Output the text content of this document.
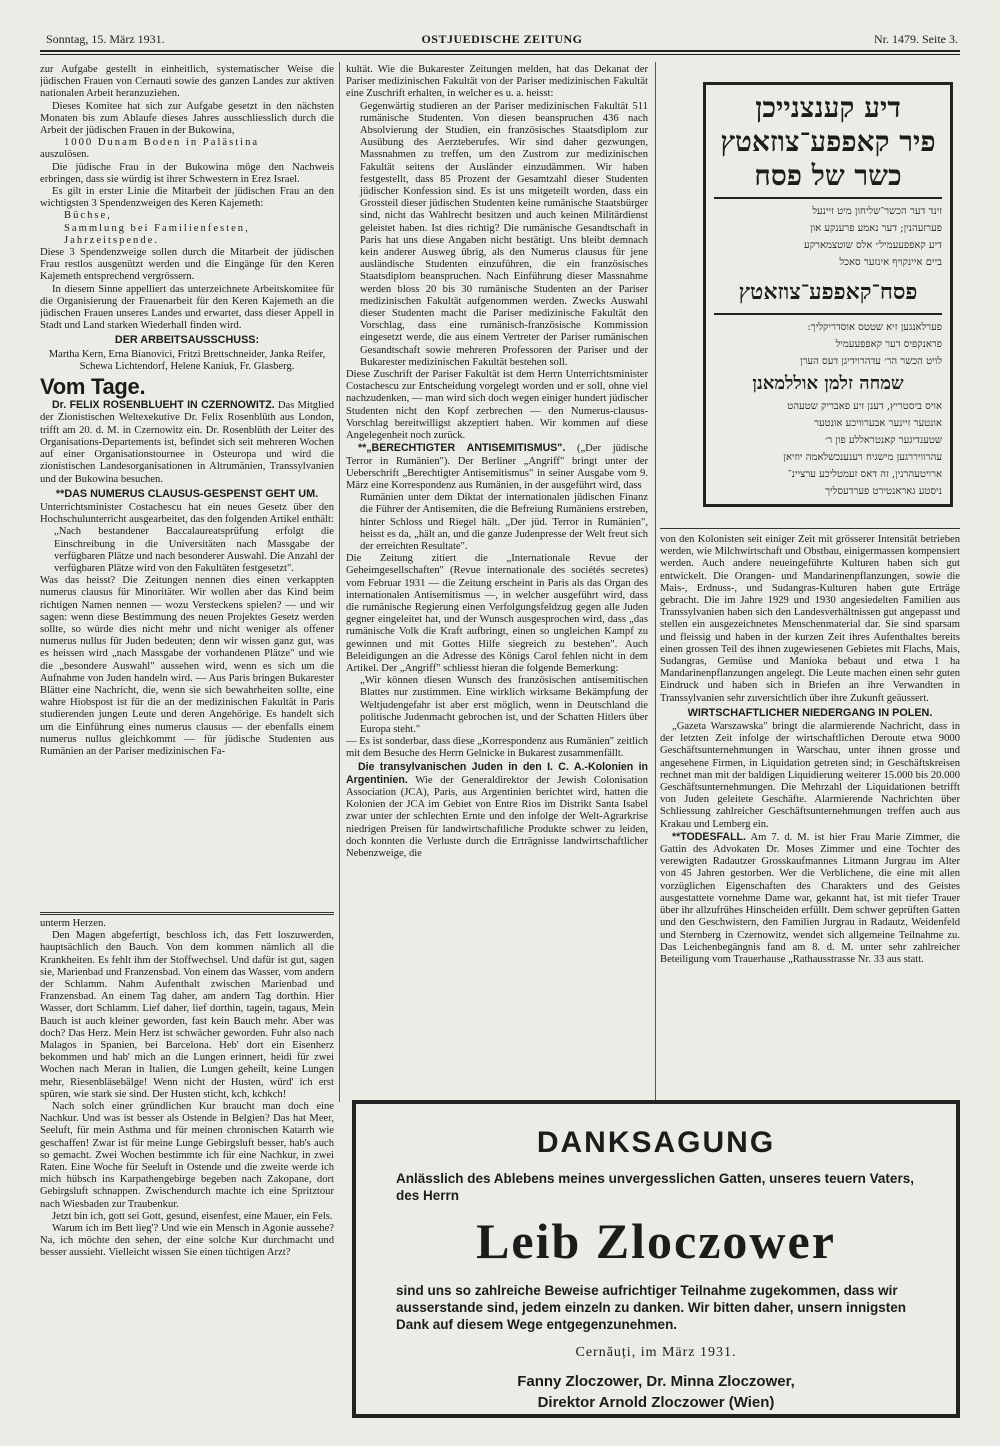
Sonntag, 15. März 1931.	OSTJUEDISCHE ZEITUNG	Nr. 1479. Seite 3.

zur Aufgabe gestellt in einheitlich, systematischer Weise die jüdischen Frauen von Cernauti sowie des ganzen Landes zur aktiven nationalen Arbeit heranzuziehen.

Dieses Komitee hat sich zur Aufgabe gesetzt in den nächsten Monaten bis zum Ablaufe dieses Jahres ausschliesslich durch die Arbeit der jüdischen Frauen in der Bukowina,

1000 Dunam Boden in Palästina

auszulösen.

Die jüdische Frau in der Bukowina möge den Nachweis erbringen, dass sie würdig ist ihrer Schwestern in Erez Israel.

Es gilt in erster Linie die Mitarbeit der jüdischen Frau an den wichtigsten 3 Spendenzweigen des Keren Kajemeth:

Büchse,

Sammlung bei Familienfesten,

Jahrzeitspende.

Diese 3 Spendenzweige sollen durch die Mitarbeit der jüdischen Frau restlos ausgenützt werden und die Eingänge für den Keren Kajemeth entsprechend vergrössern.

In diesem Sinne appelliert das unterzeichnete Arbeitskomitee für die Organisierung der Frauenarbeit für den Keren Kajemeth an die jüdischen Frauen unseres Landes und erwartet, dass dieser Appell in Stadt und Land starken Wiederhall finden wird.

DER ARBEITSAUSSCHUSS:

Martha Kern, Erna Bianovici, Fritzi Brettschneider, Janka Reifer, Schewa Lichtendorf, Helene Kaniuk, Fr. Glasberg.

Vom Tage.

Dr. FELIX ROSENBLUEHT IN CZERNOWITZ. Das Mitglied der Zionistischen Weltexekutive Dr. Felix Rosenblüth aus London, trifft am 20. d. M. in Czernowitz ein. Dr. Rosenblüth der Leiter des Organisations-Departements ist, befindet sich seit mehreren Wochen auf einer Organisationstournee in Osteuropa und wird die zionistischen Landesorganisationen in Altrumänien, Transsylvanien und der Bukowina besuchen.

**DAS NUMERUS CLAUSUS-GESPENST GEHT UM.

Unterrichtsminister Costachescu hat ein neues Gesetz über den Hochschulunterricht ausgearbeitet, das den folgenden Artikel enthält:

„Nach bestandener Baccalaureatsprüfung erfolgt die Einschreibung in die Universitäten nach Massgabe der verfügbaren Plätze und nach besonderer Auswahl. Die Anzahl der verfügbaren Plätze wird von den Fakultäten festgesetzt".

Was das heisst? Die Zeitungen nennen dies einen verkappten numerus clausus für Minoritäter. Wir wollen aber das Kind beim richtigen Namen nennen — wozu Versteckens spielen? — und wir sagen: wenn diese Bestimmung des neuen Projektes Gesetz werden sollte, so würde dies nicht mehr und nicht weniger als offener numerus nullus für Juden bedeuten; denn wir wissen ganz gut, was es heissen wird „nach Massgabe der vorhandenen Plätze" und wie die „besondere Auswahl" aussehen wird, wenn es sich um die Aufnahme von Juden handeln wird. — Aus Paris bringen Bukarester Blätter eine Nachricht, die, wenn sie sich bewahrheiten sollte, eine wahre Hiobspost ist für die an der medizinischen Fakultät in Paris studierenden jungen Leute und deren Angehörige. Es handelt sich um die Einführung eines numerus clausus — der ebenfalls einem numerus nullus gleichkommt — für jüdische Studenten aus Rumänien an der Pariser medizinischen Fa-

unterm Herzen.

Den Magen abgefertigt, beschloss ich, das Fett loszuwerden, hauptsächlich den Bauch. Von dem kommen nämlich all die Krankheiten. Es fehlt ihm der Stoffwechsel. Und dafür ist gut, sagen sie, Marienbad und Franzensbad. Von einem das Wasser, vom andern der Schlamm. Nahm Aufenthalt zwischen Marienbad und Franzensbad. An einem Tag daher, am andern Tag dorthin. Hier Wasser, dort Schlamm. Lief daher, lief dorthin, tagein, tagaus, Mein Bauch ist auch kleiner geworden, fast kein Bauch mehr. Aber was doch? Das Herz. Mein Herz ist schwächer geworden. Fuhr also nach Malagos in Spanien, bei Barcelona. Heb' dort ein Eisenherz bekommen und hab' mich an die Lungen erinnert, heidi für zwei Wochen nach Meran in Italien, die Lungen geheilt, keine Lungen mehr, Riesenbläsebälge! Wenn nicht der Husten, würd' ich erst spüren, wie stark sie sind. Der Husten sticht, kch, kchkch!

Nach solch einer gründlichen Kur braucht man doch eine Nachkur. Und was ist besser als Ostende in Belgien? Das hat Meer, Seeluft, für mein Asthma und für meinen chronischen Katarrh wie geschaffen! Zwar ist für meine Lunge Gebirgsluft besser, hab's auch so gemacht. Zwei Wochen bestimmte ich für eine Nachkur, in zwei Raten. Eine Woche für Seeluft in Ostende und die zweite werde ich mich hübsch ins Karpathengebirge begeben nach Zakopane, dort Gebirgsluft schnappen. Zwischendurch machte ich eine Spritztour nach Wiesbaden zur Traubenkur.

Jetzt bin ich, gott sei Gott, gesund, eisenfest, eine Mauer, ein Fels.

Warum ich im Bett lieg'? Und wie ein Mensch in Agonie aussehe? Na, ich möchte den sehen, der eine solche Kur durchmacht und besser aussieht. Vielleicht wissen Sie einen tüchtigen Arzt?

kultät. Wie die Bukarester Zeitungen melden, hat das Dekanat der Pariser medizinischen Fakultät von der Pariser medizinischen Fakultät eine Zuschrift erhalten, in welcher es u. a. heisst:

Gegenwärtig studieren an der Pariser medizinischen Fakultät 511 rumänische Studenten. Von diesen beanspruchen 436 nach Absolvierung der Studien, ein französisches Staatsdiplom zur Ausübung des Aerzteberufes. Wir sind daher gezwungen, Massnahmen zu treffen, um den Zustrom zur medizinischen Fakultät seitens der Ausländer einzudämmen. Wir haben festgestellt, dass 85 Prozent der Gesamtzahl dieser Studenten jüdischer Konfession sind. Es ist uns mitgeteilt worden, dass ein Grossteil dieser jüdischen Studenten keine rumänische Staatsbürger sind, nicht das Wahlrecht besitzen und auch keinen Militärdienst geleistet haben. Ist dies richtig? Die rumänische Gesandtschaft in Paris hat uns diese Angaben nicht bestätigt. Uns bleibt demnach kein anderer Ausweg übrig, als den Numerus clausus für jene ausländische Studenten einzuführen, die ein französisches Staatsdiplom beanspruchen. Nach Einführung dieser Massnahme werden bloss 20 bis 30 rumänische Studenten an der Pariser medizinischen Fakultät aufgenommen werden. Zwecks Auswahl dieser Studenten macht die Pariser medizinische Fakultät den Vorschlag, dass eine rumänisch-französische Kommission eingesetzt werde, die aus einem Vertreter der Pariser rumänischen Gesandtschaft sowie mehreren Professoren der Pariser und der Bukarester medizinischen Fakultät bestehen soll.

Diese Zuschrift der Pariser Fakultät ist dem Herrn Unterrichtsminister Costachescu zur Entscheidung vorgelegt worden und er soll, ohne viel nachzudenken, — man wird sich doch wegen einiger hundert jüdischer Studenten nicht den Kopf zerbrechen — den Numerus-clausus-Vorschlag bereitwilligst akzeptiert haben. Wir kommen auf diese Angelegenheit noch zurück.

**„BERECHTIGTER ANTISEMITISMUS". („Der jüdische Terror in Rumänien"). Der Berliner „Angriff" bringt unter der Ueberschrift „Berechtigter Antisemitismus" in seiner Ausgabe vom 9. März eine Korrespondenz aus Rumänien, in der ausgeführt wird, dass

Rumänien unter dem Diktat der internationalen jüdischen Finanz die Führer der Antisemiten, die die Befreiung Rumäniens erstreben, hinter Schloss und Riegel hält. „Der jüd. Terror in Rumänien", heisst es da, „hält an, und die ganze Judenpresse der Welt freut sich der erreichten Resultate".

Die Zeitung zitiert die „Internationale Revue der Geheimgesellschaften" (Revue internationale des sociétés secretes) vom Februar 1931 — die Zeitung erscheint in Paris als das Organ des internationalen Antisemitismus —, in welcher ausgeführt wird, dass die rumänische Regierung einen Verfolgungsfeldzug gegen alle Juden gegner eingeleitet hat, und der Wunsch ausgesprochen wird, dass „das rumänische Volk die Kraft aufbringt, einen so ungleichen Kampf zu gewinnen und mit Gottes Hilfe siegreich zu bestehen". Auch Beleidigungen an die Adresse des Königs Carol fehlen nicht in dem Artikel. Der „Angriff" schliesst hieran die folgende Bemerkung:

„Wir können diesen Wunsch des französischen antisemitischen Blattes nur zustimmen. Eine wirklich wirksame Bekämpfung der Weltjudengefahr ist aber erst möglich, wenn in Deutschland die politische Judenmacht gebrochen ist, und der Schatten Hitlers über Europa steht."

— Es ist sonderbar, dass diese „Korrespondenz aus Rumänien" zeitlich mit dem Besuche des Herrn Gelnicke in Bukarest zusammenfällt.

Die transylvanischen Juden in den I. C. A.-Kolonien in Argentinien. Wie der Generaldirektor der Jewish Colonisation Association (JCA), Paris, aus Argentinien berichtet wird, hatten die Kolonien der JCA im Gebiet von Entre Rios im Distrikt Santa Isabel zwar unter der schlechten Ernte und den infolge der Welt-Agrarkrise niedrigen Preisen für landwirtschaftliche Produkte schwer zu leiden, doch konnten die Verluste durch die Erträgnisse landwirtschaftlicher Nebenzweige, die

דיע קענצנייכן

פיר קאפפע־צוזאטץ

כשר של פסח

זינד דער הכשר־שליחון מיט זיינעל

פערזעהנין; דער נאמע פרענקע און

דיע קאפפעעמיל״ אלס שוטצמארקע

ביים איינקויף אינזער סאכל

פסח־קאפפע־צוזאטץ

פערלאנגען זיא שטטס אוסדריקליך:

פראנקפיס דער קאפפעעמיל

לויט הכשר הר׳ עדהרוידיגן דעס הערן

שמחה זלמן אוללמאנן

אויס ביסטריץ, דענן זיע פאבריק שטעהט

אונטער זיינער אבערוויכע אונטער

שטענדיגער קאנטראללע פון ר׳

עהרוויררגען מישגיח רענענכשלאמה יוזיאן

ארויטעהרנין, זה דאס זעמטליכע ערציינ־

ניסטע גאראנטירט פערדעסליך

von den Kolonisten seit einiger Zeit mit grösserer Intensität betrieben werden, wie Milchwirtschaft und Obstbau, einigermassen kompensiert werden. Auch andere neueingeführte Kulturen haben sich gut entwickelt. Die Orangen- und Mandarinenpflanzungen, sowie die Mais-, Erdnuss-, und Sudangras-Kulturen haben gute Erträge gebracht. Die im Jahre 1929 und 1930 angesiedelten Familien aus Transsylvanien haben sich den Landesverhältnissen gut angepasst und stellen ein ausgezeichnetes Menschenmaterial dar. Sie sind sparsam und fleissig und haben in der kurzen Zeit ihres Aufenthaltes bereits einen grossen Teil des ihnen zugewiesenen Gebietes mit Flachs, Mais, Sudangras, Gemüse und Manioka bebaut und etwa 1 ha Mandarinenpflanzungen angelegt. Die Leute machen einen sehr guten Eindruck und haben sich in Briefen an ihre Verwandten in Transsylvanien sehr zuversichtlich über ihre Zukunft geäussert.

WIRTSCHAFTLICHER NIEDERGANG IN POLEN.

„Gazeta Warszawska" bringt die alarmierende Nachricht, dass in der letzten Zeit infolge der wirtschaftlichen Deroute etwa 9000 Geschäftsunternehmungen in Warschau, unter ihnen grosse und angesehene Firmen, in Liquidation getreten sind; in Geschäftskreisen rechnet man mit der baldigen Liquidierung weiterer 15.000 bis 20.000 Geschäftsunternehmungen. Die Mehrzahl der Liquidationen betrifft von Juden geleitete Geschäfte. Alarmierende Nachrichten über Schliessung zahlreicher Geschäftsunternehmungen treffen auch aus Krakau und Lemberg ein.

**TODESFALL. Am 7. d. M. ist hier Frau Marie Zimmer, die Gattin des Advokaten Dr. Moses Zimmer und eine Tochter des verewigten Radautzer Grosskaufmannes Litmann Jurgrau im Alter von 45 Jahren gestorben. Wer die Verblichene, die eine mit allen vorzüglichen Eigenschaften des Charakters und des Geistes ausgestattete vornehme Dame war, gekannt hat, ist mit tiefer Trauer über ihr allzufrühes Hinscheiden erfüllt. Dem schwer geprüften Gatten und den Geschwistern, den Familien Jurgrau in Radautz, Weidenfeld und Sternberg in Czernowitz, wendet sich allgemeine Teilnahme zu. Das Leichenbegängnis fand am 8. d. M. unter sehr zahlreicher Beteiligung vom Trauerhause „Rathausstrasse Nr. 33 aus statt.

DANKSAGUNG

Anlässlich des Ablebens meines unvergesslichen Gatten, unseres teuern Vaters, des Herrn

Leib Zloczower

sind uns so zahlreiche Beweise aufrichtiger Teilnahme zugekommen, dass wir ausserstande sind, jedem einzeln zu danken. Wir bitten daher, unsern innigsten Dank auf diesem Wege entgegenzunehmen.

Cernăuți, im März 1931.

Fanny Zloczower, Dr. Minna Zloczower,

Direktor Arnold Zloczower (Wien)
